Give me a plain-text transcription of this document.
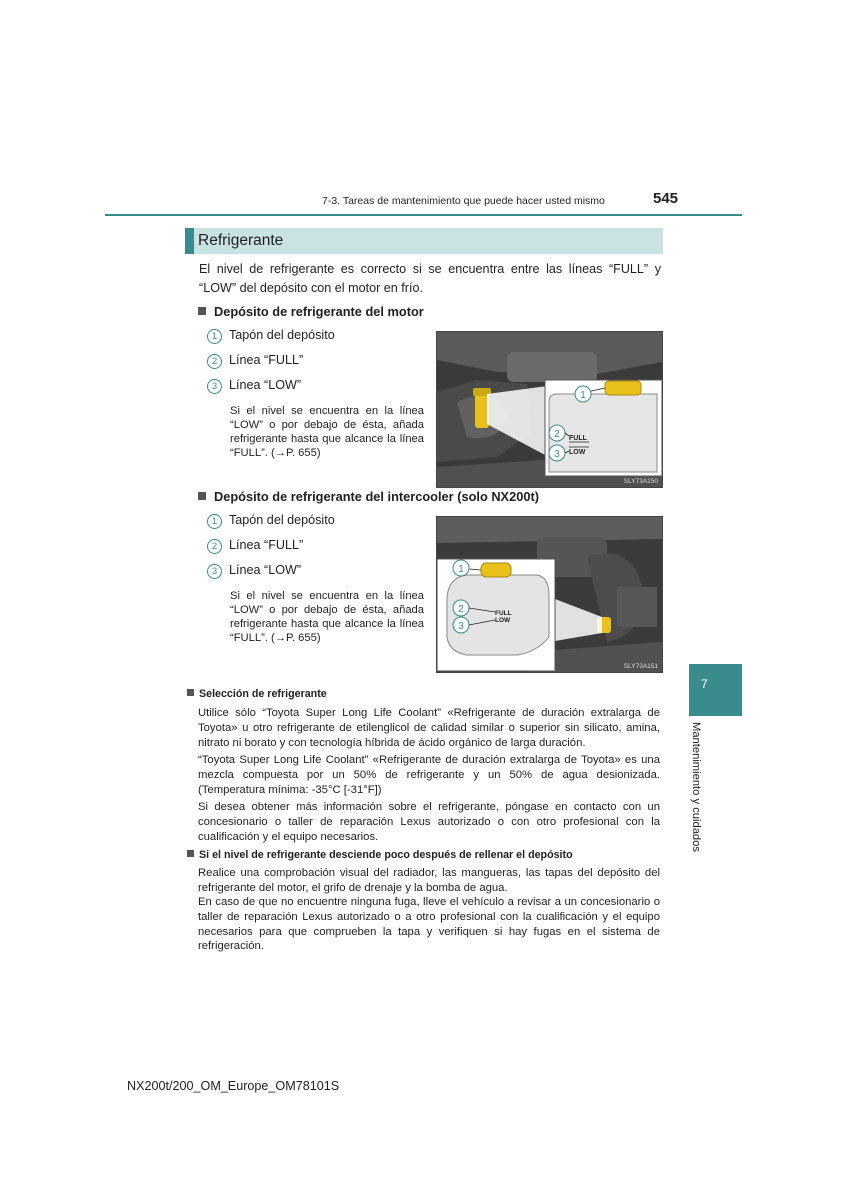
7-3. Tareas de mantenimiento que puede hacer usted mismo	545
Refrigerante
El nivel de refrigerante es correcto si se encuentra entre las líneas “FULL” y “LOW” del depósito con el motor en frío.
Depósito de refrigerante del motor
1 Tapón del depósito
2 Línea “FULL”
3 Línea “LOW”
Si el nivel se encuentra en la línea “LOW” o por debajo de ésta, añada refrigerante hasta que alcance la línea “FULL”. (→P. 655)
1
2
3
FULL
LOW
SLY73A150
Depósito de refrigerante del intercooler (solo NX200t)
1 Tapón del depósito
2 Línea “FULL”
3 Línea “LOW”
Si el nivel se encuentra en la línea “LOW” o por debajo de ésta, añada refrigerante hasta que alcance la línea “FULL”. (→P. 655)
1
2
3
FULL
LOW
SLY73A151
Selección de refrigerante
Utilice sólo “Toyota Super Long Life Coolant” «Refrigerante de duración extralarga de Toyota» u otro refrigerante de etilenglicol de calidad similar o superior sin silicato, amina, nitrato ni borato y con tecnología híbrida de ácido orgánico de larga duración.
“Toyota Super Long Life Coolant” «Refrigerante de duración extralarga de Toyota» es una mezcla compuesta por un 50% de refrigerante y un 50% de agua desionizada. (Temperatura mínima: -35°C [-31°F])
Si desea obtener más información sobre el refrigerante, póngase en contacto con un concesionario o taller de reparación Lexus autorizado o con otro profesional con la cualificación y el equipo necesarios.
Si el nivel de refrigerante desciende poco después de rellenar el depósito
Realice una comprobación visual del radiador, las mangueras, las tapas del depósito del refrigerante del motor, el grifo de drenaje y la bomba de agua.
En caso de que no encuentre ninguna fuga, lleve el vehículo a revisar a un concesionario o taller de reparación Lexus autorizado o a otro profesional con la cualificación y el equipo necesarios para que comprueben la tapa y verifiquen si hay fugas en el sistema de refrigeración.
7
Mantenimiento y cuidados
NX200t/200_OM_Europe_OM78101S
